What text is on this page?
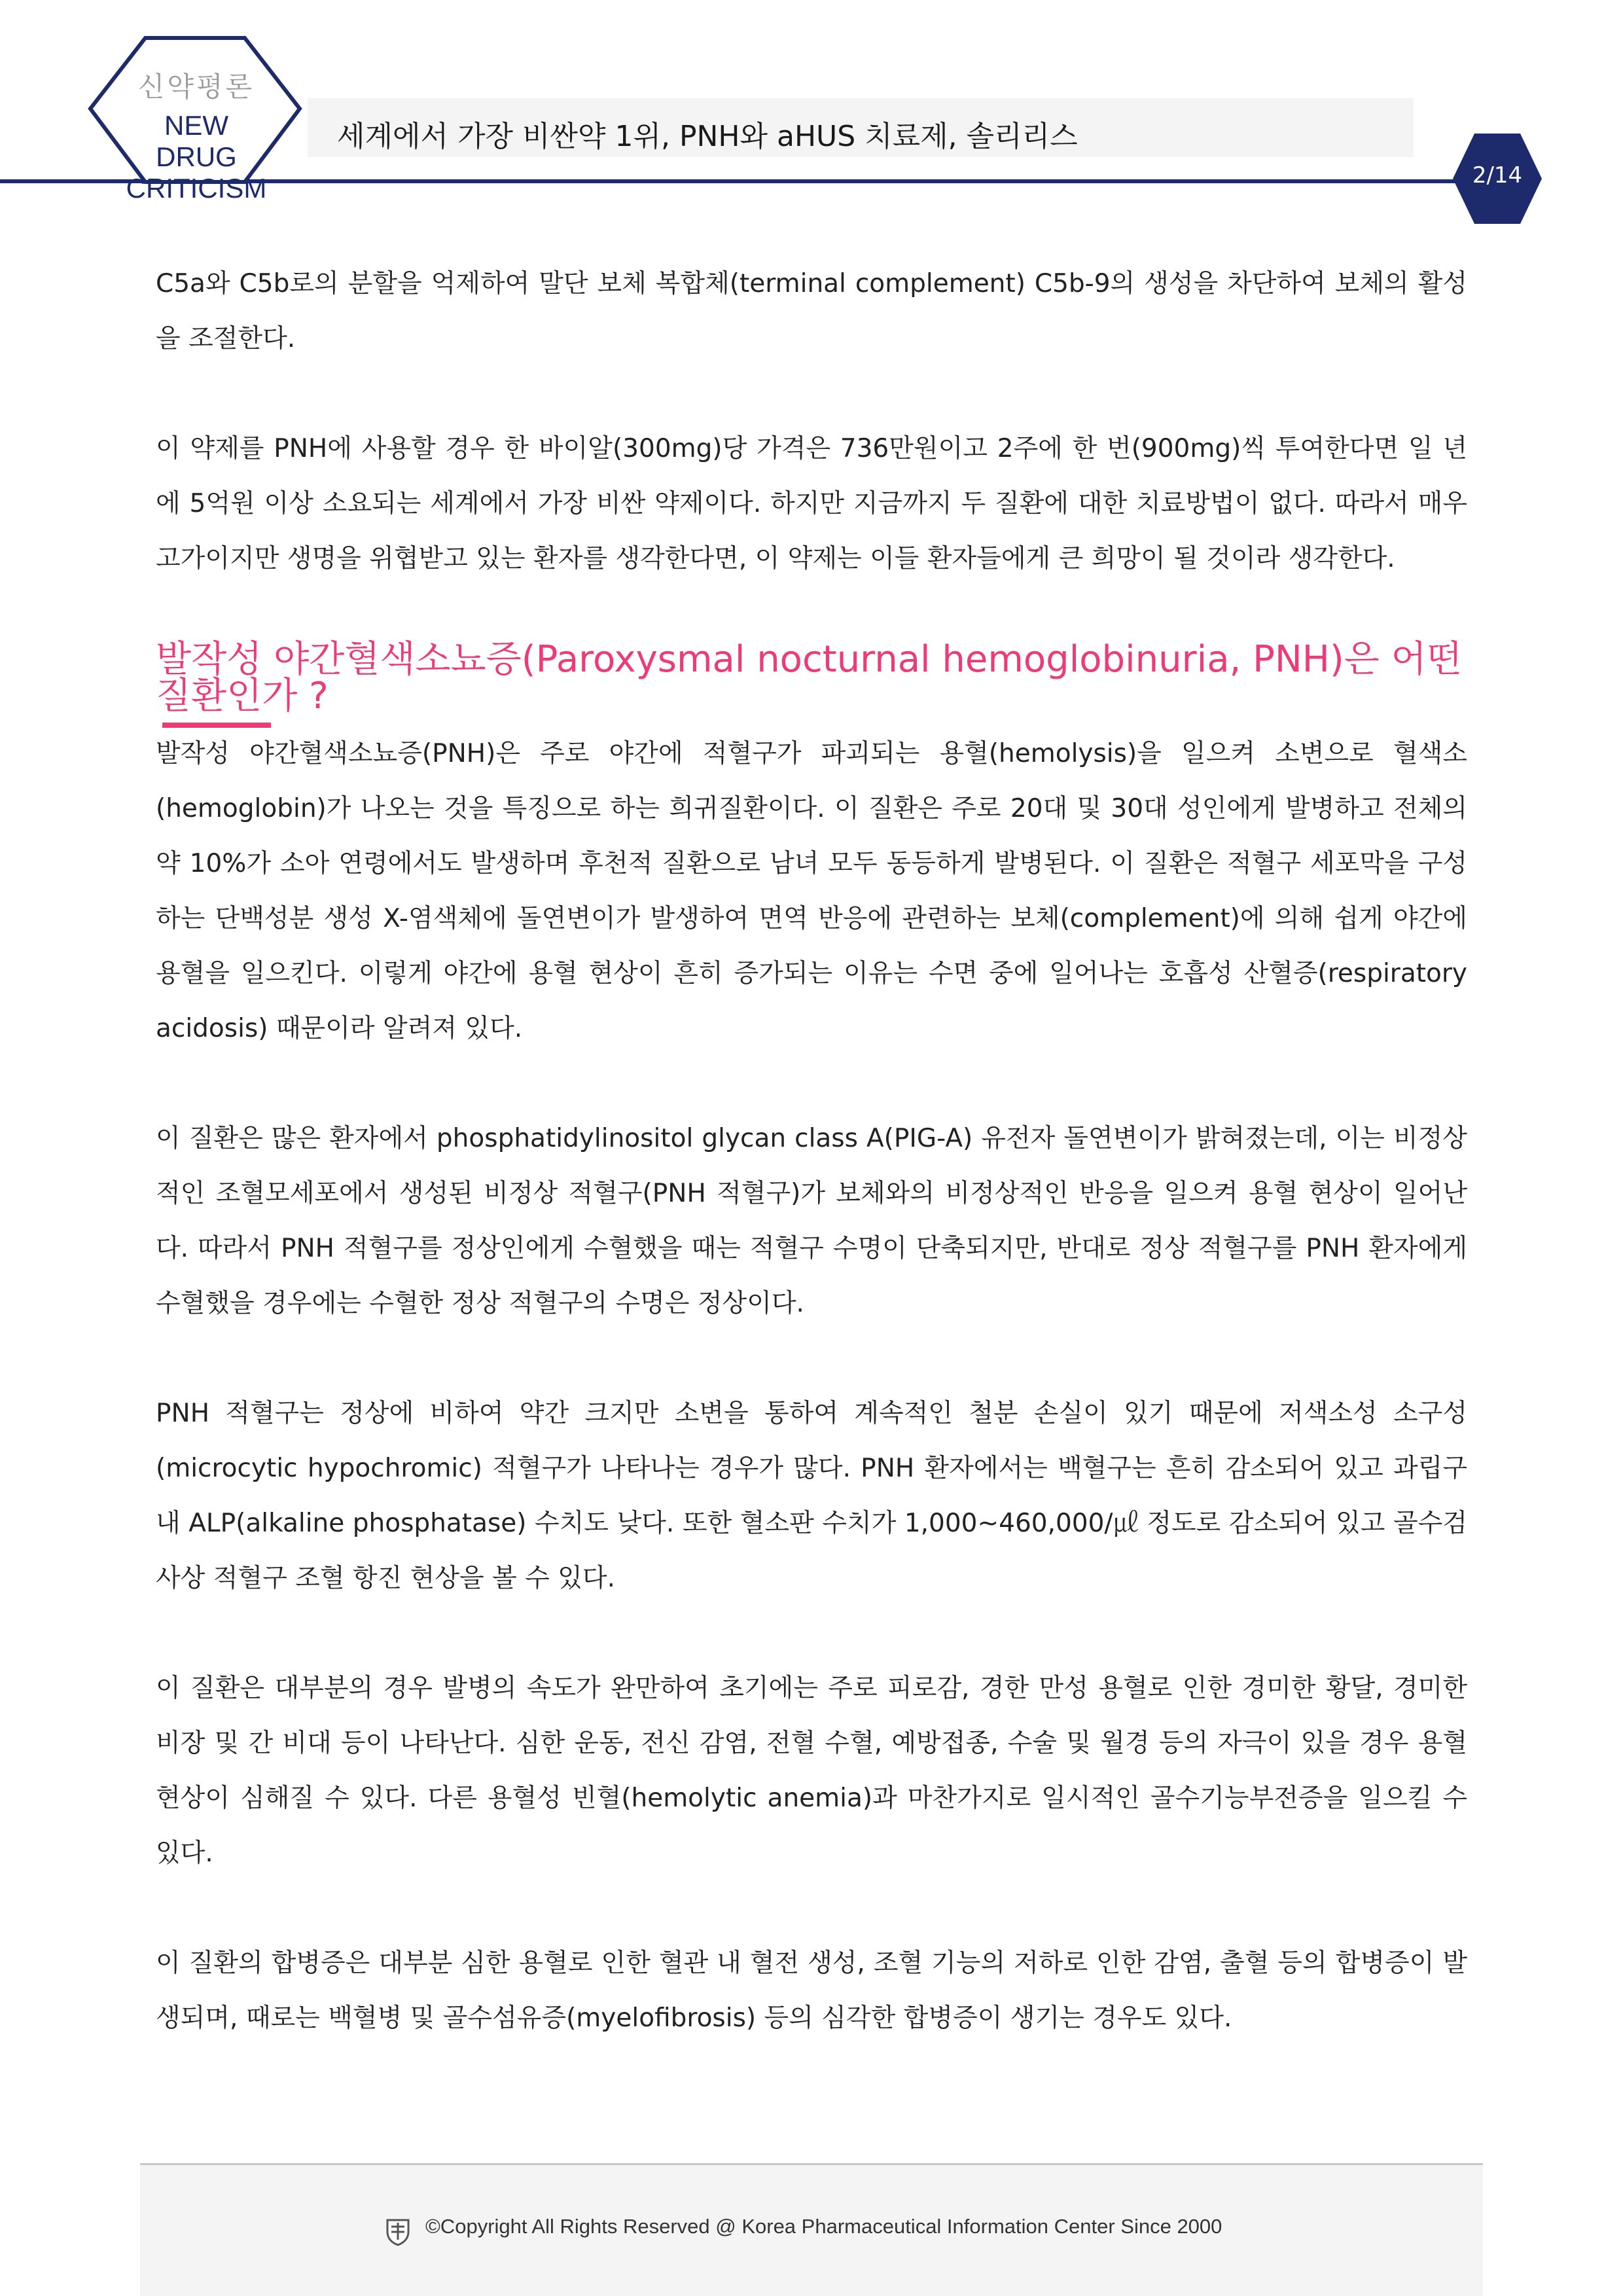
신약평론
NEW DRUG
CRITICISM
세계에서 가장 비싼약 1위, PNH와 aHUS 치료제, 솔리리스
2/14

C5a와 C5b로의 분할을 억제하여 말단 보체 복합체(terminal complement) C5b-9의 생성을 차단하여 보체의 활성을 조절한다.

이 약제를 PNH에 사용할 경우 한 바이알(300mg)당 가격은 736만원이고 2주에 한 번(900mg)씩 투여한다면 일 년에 5억원 이상 소요되는 세계에서 가장 비싼 약제이다. 하지만 지금까지 두 질환에 대한 치료방법이 없다. 따라서 매우 고가이지만 생명을 위협받고 있는 환자를 생각한다면, 이 약제는 이들 환자들에게 큰 희망이 될 것이라 생각한다.

발작성 야간혈색소뇨증(Paroxysmal nocturnal hemoglobinuria, PNH)은 어떤 질환인가 ?

발작성 야간혈색소뇨증(PNH)은 주로 야간에 적혈구가 파괴되는 용혈(hemolysis)을 일으켜 소변으로 혈색소(hemoglobin)가 나오는 것을 특징으로 하는 희귀질환이다. 이 질환은 주로 20대 및 30대 성인에게 발병하고 전체의 약 10%가 소아 연령에서도 발생하며 후천적 질환으로 남녀 모두 동등하게 발병된다. 이 질환은 적혈구 세포막을 구성하는 단백성분 생성 X-염색체에 돌연변이가 발생하여 면역 반응에 관련하는 보체(complement)에 의해 쉽게 야간에 용혈을 일으킨다. 이렇게 야간에 용혈 현상이 흔히 증가되는 이유는 수면 중에 일어나는 호흡성 산혈증(respiratory acidosis) 때문이라 알려져 있다.

이 질환은 많은 환자에서 phosphatidylinositol glycan class A(PIG-A) 유전자 돌연변이가 밝혀졌는데, 이는 비정상적인 조혈모세포에서 생성된 비정상 적혈구(PNH 적혈구)가 보체와의 비정상적인 반응을 일으켜 용혈 현상이 일어난다. 따라서 PNH 적혈구를 정상인에게 수혈했을 때는 적혈구 수명이 단축되지만, 반대로 정상 적혈구를 PNH 환자에게 수혈했을 경우에는 수혈한 정상 적혈구의 수명은 정상이다.

PNH 적혈구는 정상에 비하여 약간 크지만 소변을 통하여 계속적인 철분 손실이 있기 때문에 저색소성 소구성(microcytic hypochromic) 적혈구가 나타나는 경우가 많다. PNH 환자에서는 백혈구는 흔히 감소되어 있고 과립구 내 ALP(alkaline phosphatase) 수치도 낮다. 또한 혈소판 수치가 1,000~460,000/㎕ 정도로 감소되어 있고 골수검사상 적혈구 조혈 항진 현상을 볼 수 있다.

이 질환은 대부분의 경우 발병의 속도가 완만하여 초기에는 주로 피로감, 경한 만성 용혈로 인한 경미한 황달, 경미한 비장 및 간 비대 등이 나타난다. 심한 운동, 전신 감염, 전혈 수혈, 예방접종, 수술 및 월경 등의 자극이 있을 경우 용혈 현상이 심해질 수 있다. 다른 용혈성 빈혈(hemolytic anemia)과 마찬가지로 일시적인 골수기능부전증을 일으킬 수 있다.

이 질환의 합병증은 대부분 심한 용혈로 인한 혈관 내 혈전 생성, 조혈 기능의 저하로 인한 감염, 출혈 등의 합병증이 발생되며, 때로는 백혈병 및 골수섬유증(myelofibrosis) 등의 심각한 합병증이 생기는 경우도 있다.

©Copyright All Rights Reserved @ Korea Pharmaceutical Information Center Since 2000
